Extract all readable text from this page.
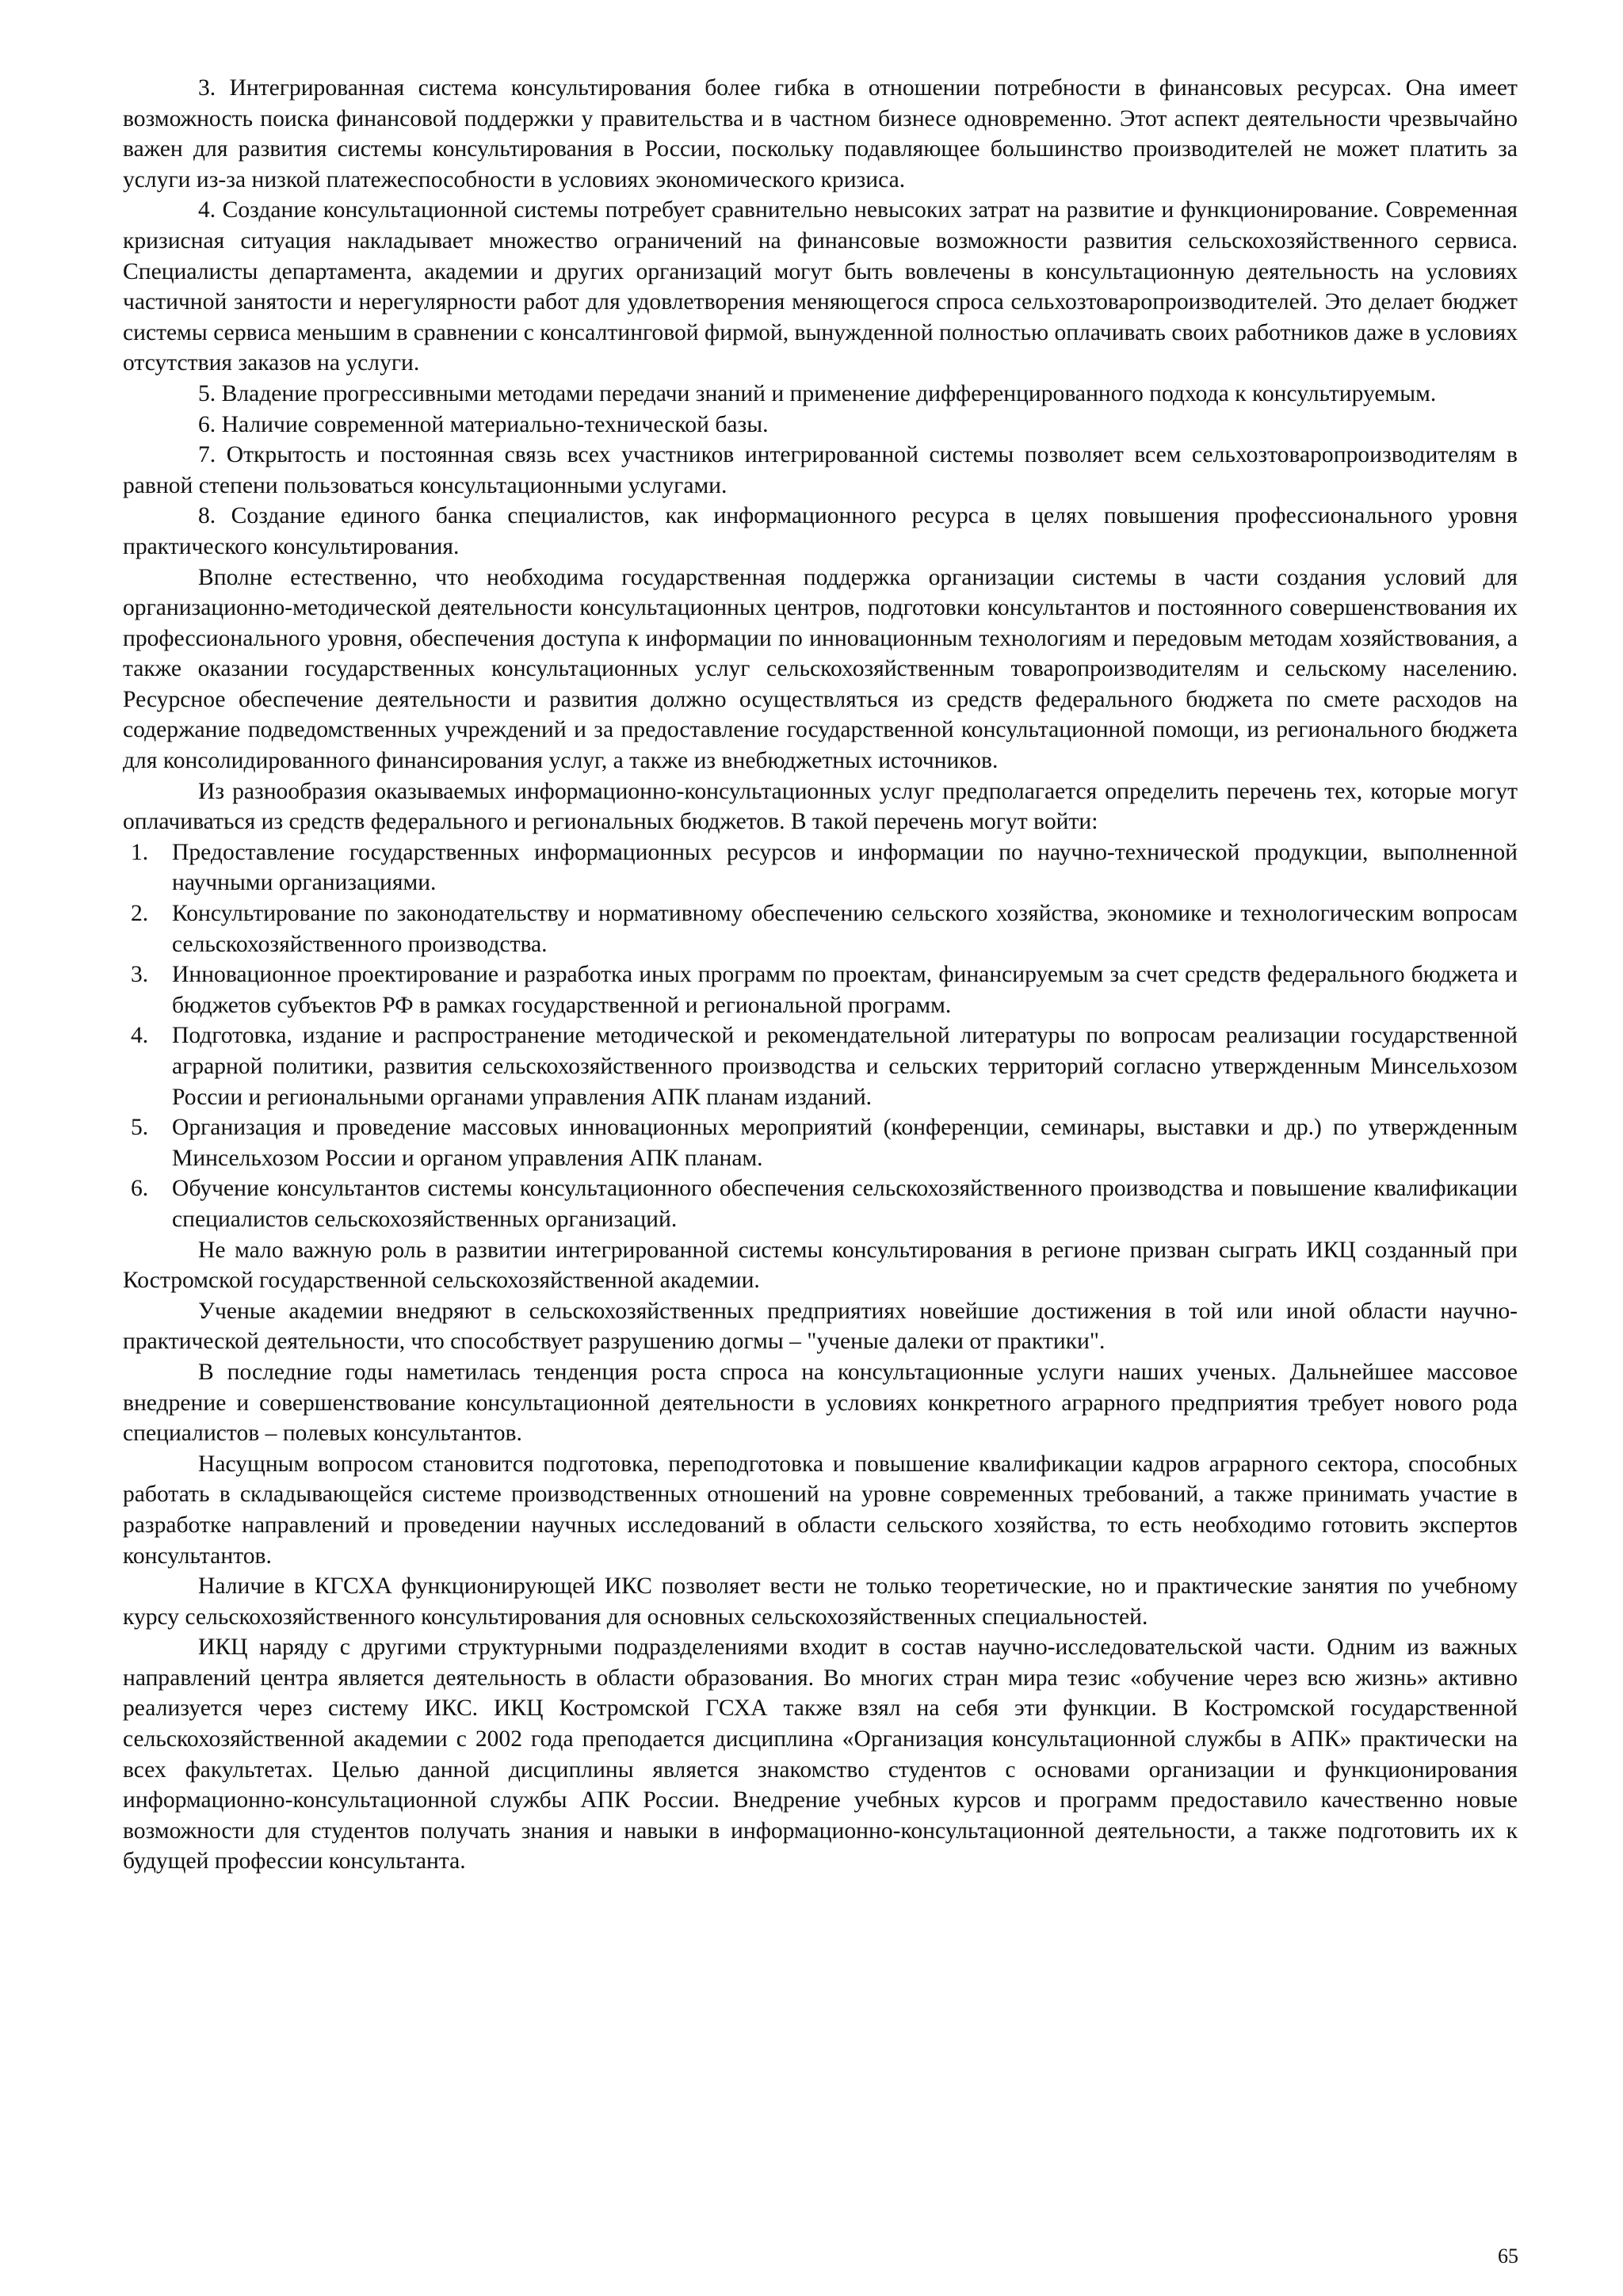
3. Интегрированная система консультирования более гибка в отношении потребности в финансовых ресурсах. Она имеет возможность поиска финансовой поддержки у правительства и в частном бизнесе одновременно. Этот аспект деятельности чрезвычайно важен для развития системы консультирования в России, поскольку подавляющее большинство производителей не может платить за услуги из-за низкой платежеспособности в условиях экономического кризиса.

4. Создание консультационной системы потребует сравнительно невысоких затрат на развитие и функционирование. Современная кризисная ситуация накладывает множество ограничений на финансовые возможности развития сельскохозяйственного сервиса. Специалисты департамента, академии и других организаций могут быть вовлечены в консультационную деятельность на условиях частичной занятости и нерегулярности работ для удовлетворения меняющегося спроса сельхозтоваропроизводителей. Это делает бюджет системы сервиса меньшим в сравнении с консалтинговой фирмой, вынужденной полностью оплачивать своих работников даже в условиях отсутствия заказов на услуги.

5. Владение прогрессивными методами передачи знаний и применение дифференцированного подхода к консультируемым.

6. Наличие современной материально-технической базы.

7. Открытость и постоянная связь всех участников интегрированной системы позволяет всем сельхозтоваропроизводителям в равной степени пользоваться консультационными услугами.

8. Создание единого банка специалистов, как информационного ресурса в целях повышения профессионального уровня практического консультирования.

Вполне естественно, что необходима государственная поддержка организации системы в части создания условий для организационно-методической деятельности консультационных центров, подготовки консультантов и постоянного совершенствования их профессионального уровня, обеспечения доступа к информации по инновационным технологиям и передовым методам хозяйствования, а также оказании государственных консультационных услуг сельскохозяйственным товаропроизводителям и сельскому населению. Ресурсное обеспечение деятельности и развития должно осуществляться из средств федерального бюджета по смете расходов на содержание подведомственных учреждений и за предоставление государственной консультационной помощи, из регионального бюджета для консолидированного финансирования услуг, а также из внебюджетных источников.

Из разнообразия оказываемых информационно-консультационных услуг предполагается определить перечень тех, которые могут оплачиваться из средств федерального и региональных бюджетов. В такой перечень могут войти:

1. Предоставление государственных информационных ресурсов и информации по научно-технической продукции, выполненной научными организациями.
2. Консультирование по законодательству и нормативному обеспечению сельского хозяйства, экономике и технологическим вопросам сельскохозяйственного производства.
3. Инновационное проектирование и разработка иных программ по проектам, финансируемым за счет средств федерального бюджета и бюджетов субъектов РФ в рамках государственной и региональной программ.
4. Подготовка, издание и распространение методической и рекомендательной литературы по вопросам реализации государственной аграрной политики, развития сельскохозяйственного производства и сельских территорий согласно утвержденным Минсельхозом России и региональными органами управления АПК планам изданий.
5. Организация и проведение массовых инновационных мероприятий (конференции, семинары, выставки и др.) по утвержденным Минсельхозом России и органом управления АПК планам.
6. Обучение консультантов системы консультационного обеспечения сельскохозяйственного производства и повышение квалификации специалистов сельскохозяйственных организаций.

Не мало важную роль в развитии интегрированной системы консультирования в регионе призван сыграть ИКЦ созданный при Костромской государственной сельскохозяйственной академии.

Ученые академии внедряют в сельскохозяйственных предприятиях новейшие достижения в той или иной области научно-практической деятельности, что способствует разрушению догмы – "ученые далеки от практики".

В последние годы наметилась тенденция роста спроса на консультационные услуги наших ученых. Дальнейшее массовое внедрение и совершенствование консультационной деятельности в условиях конкретного аграрного предприятия требует нового рода специалистов – полевых консультантов.

Насущным вопросом становится подготовка, переподготовка и повышение квалификации кадров аграрного сектора, способных работать в складывающейся системе производственных отношений на уровне современных требований, а также принимать участие в разработке направлений и проведении научных исследований в области сельского хозяйства, то есть необходимо готовить экспертов консультантов.

Наличие в КГСХА функционирующей ИКС позволяет вести не только теоретические, но и практические занятия по учебному курсу сельскохозяйственного консультирования для основных сельскохозяйственных специальностей.

ИКЦ наряду с другими структурными подразделениями входит в состав научно-исследовательской части. Одним из важных направлений центра является деятельность в области образования. Во многих стран мира тезис «обучение через всю жизнь» активно реализуется через систему ИКС. ИКЦ Костромской ГСХА также взял на себя эти функции. В Костромской государственной сельскохозяйственной академии с 2002 года преподается дисциплина «Организация консультационной службы в АПК» практически на всех факультетах. Целью данной дисциплины является знакомство студентов с основами организации и функционирования информационно-консультационной службы АПК России. Внедрение учебных курсов и программ предоставило качественно новые возможности для студентов получать знания и навыки в информационно-консультационной деятельности, а также подготовить их к будущей профессии консультанта.

65
